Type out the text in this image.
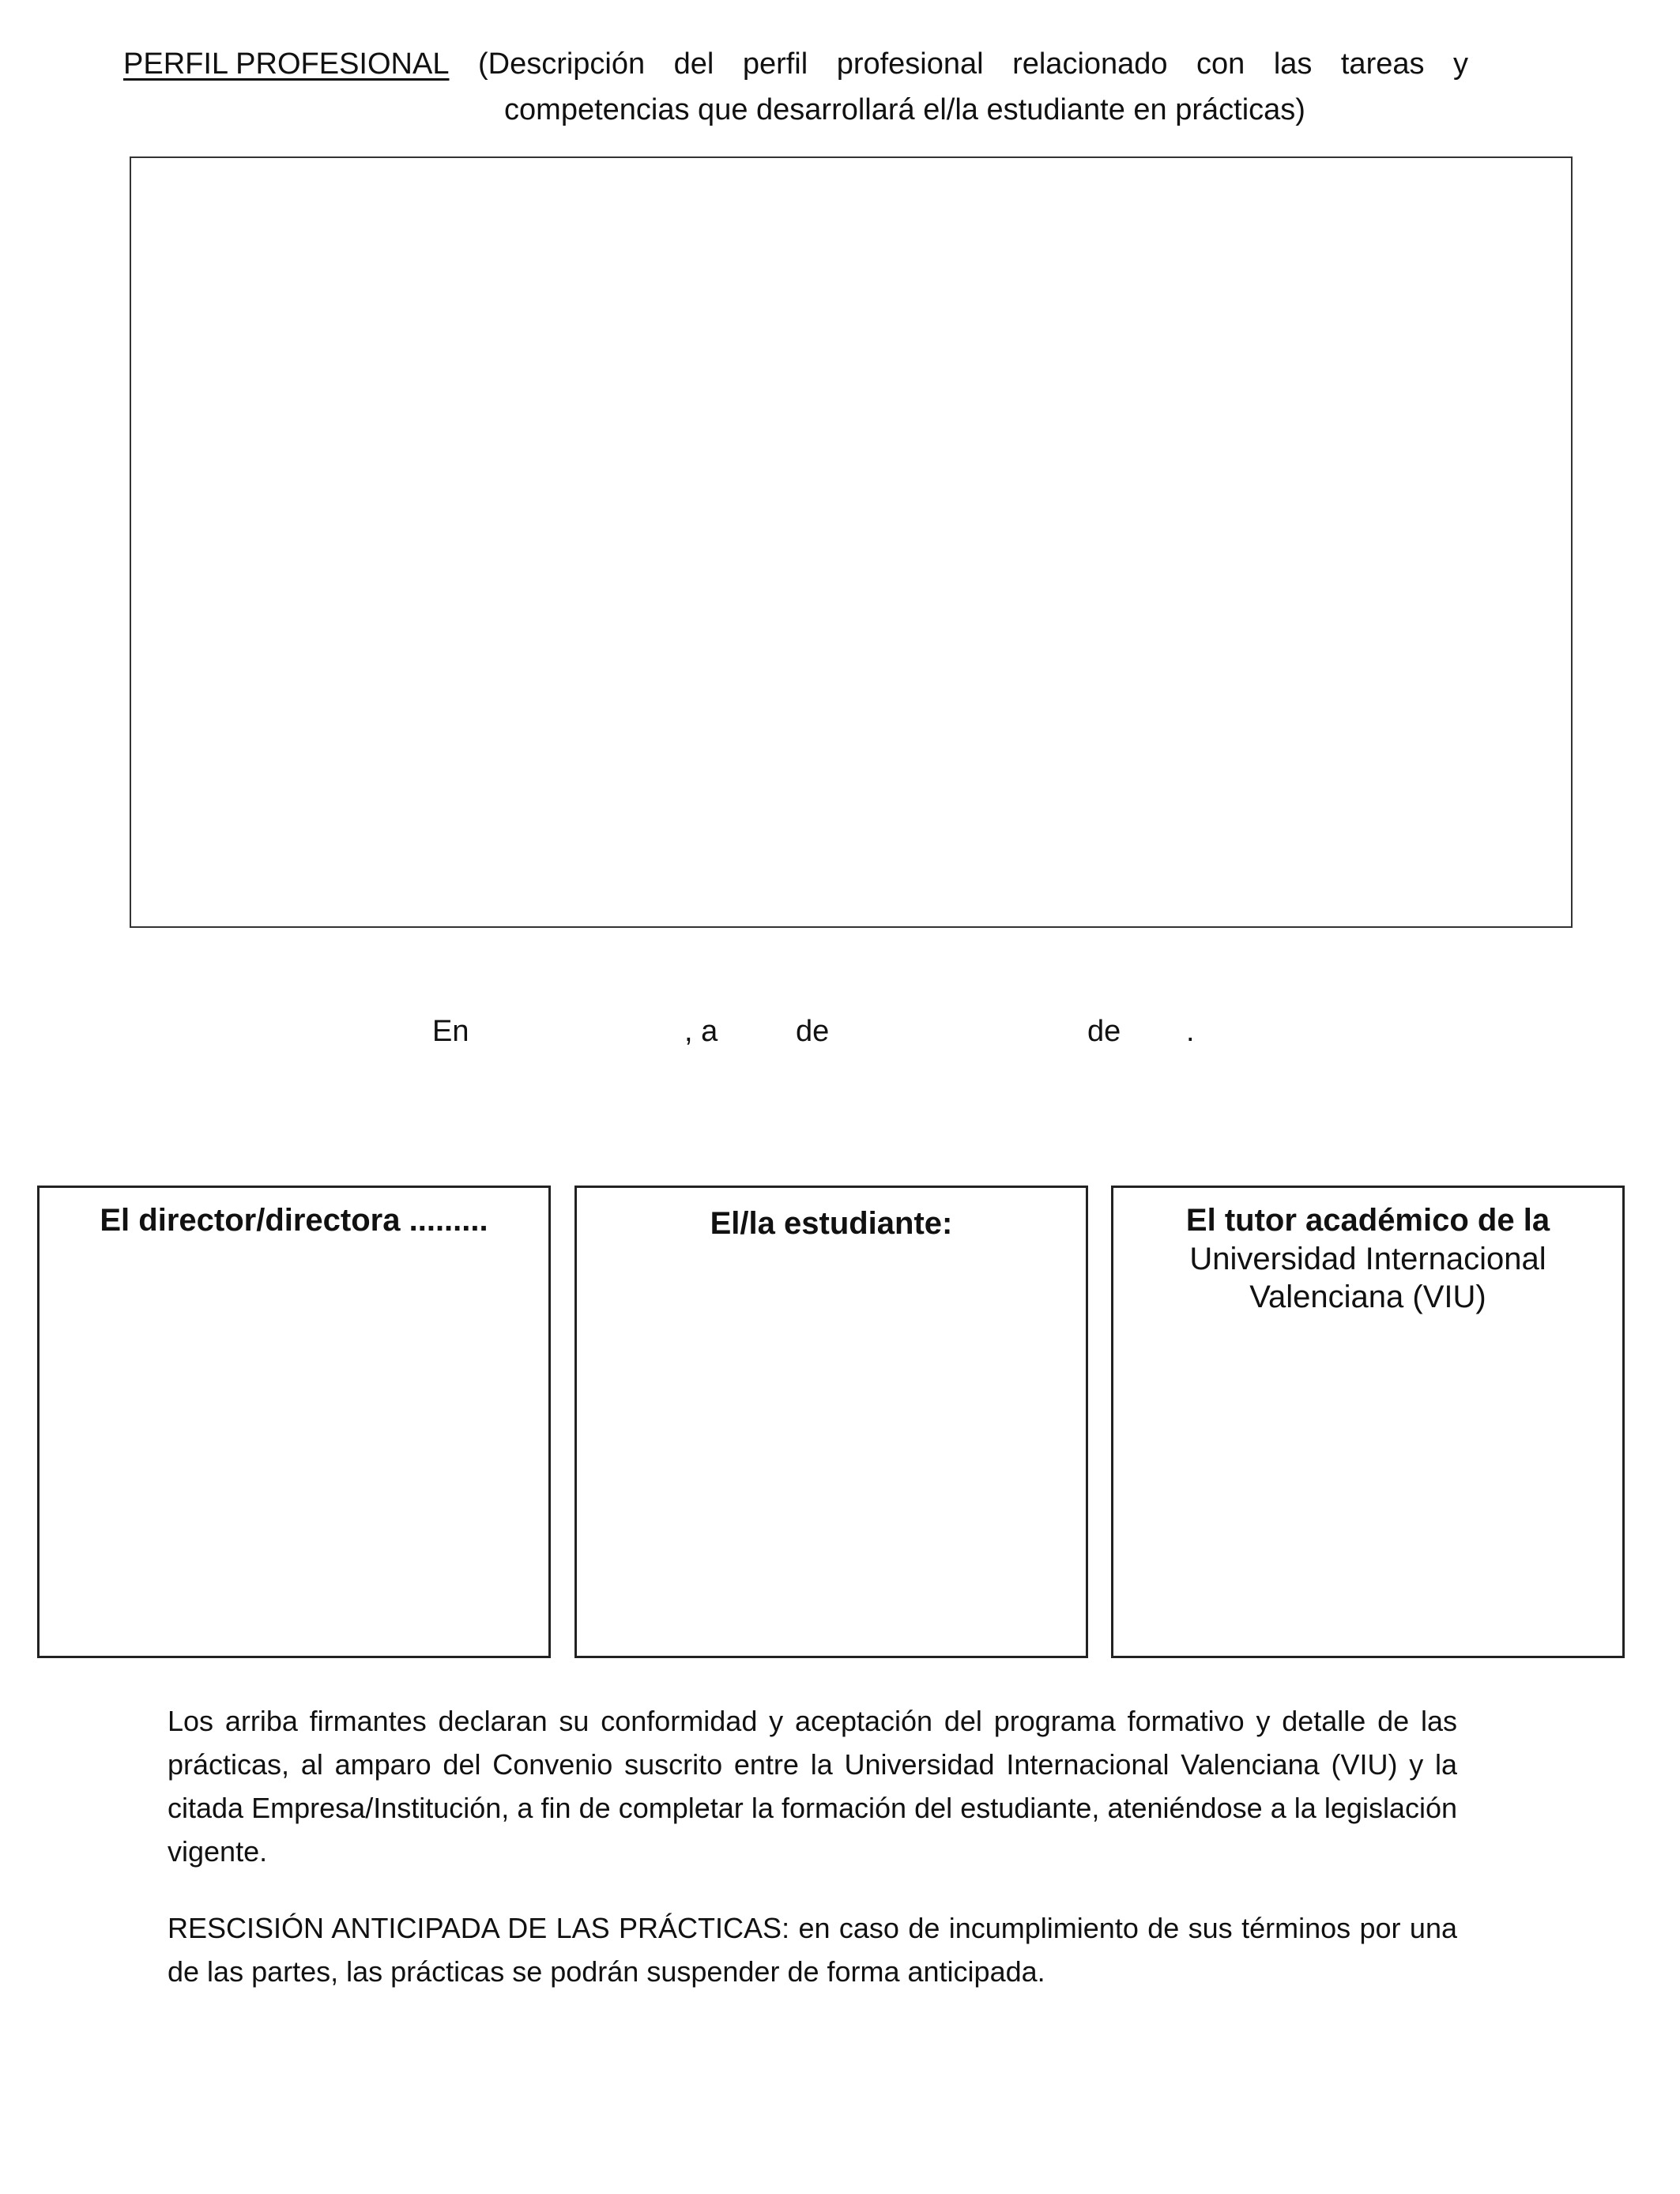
PERFIL PROFESIONAL (Descripción del perfil profesional relacionado con las tareas y
competencias que desarrollará el/la estudiante en prácticas)
En	, a	de	de .
El director/directora .........	El/la estudiante:	El tutor académico de la
Universidad Internacional
Valenciana (VIU)

Los arriba firmantes declaran su conformidad y aceptación del programa formativo y detalle de las prácticas, al amparo del Convenio suscrito entre la Universidad Internacional Valenciana (VIU) y la citada Empresa/Institución, a fin de completar la formación del estudiante, ateniéndose a la legislación vigente.

RESCISIÓN ANTICIPADA DE LAS PRÁCTICAS: en caso de incumplimiento de sus términos por una de las partes, las prácticas se podrán suspender de forma anticipada.
